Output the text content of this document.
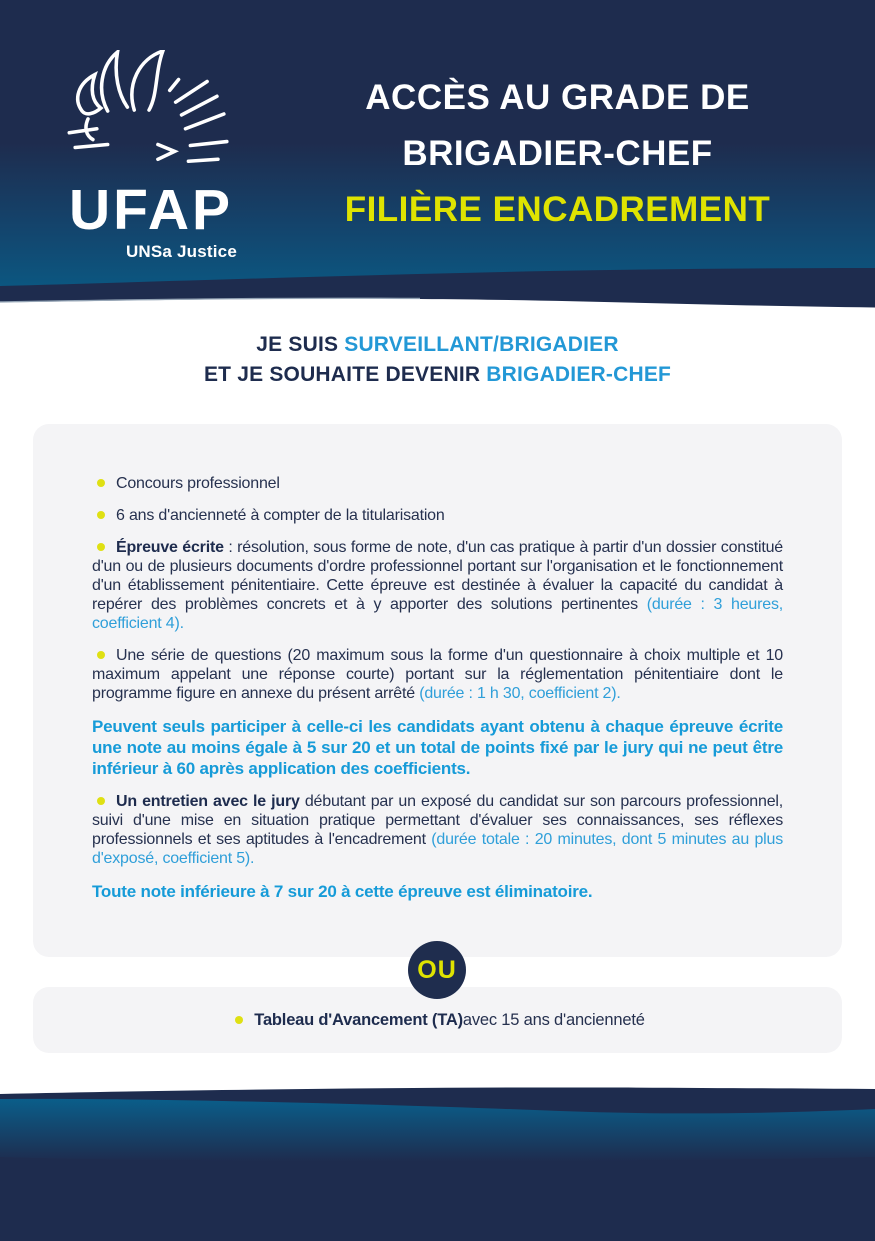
UFAP
UNSa Justice
ACCÈS AU GRADE DE
BRIGADIER-CHEF
FILIÈRE ENCADREMENT
JE SUIS SURVEILLANT/BRIGADIER
ET JE SOUHAITE DEVENIR BRIGADIER-CHEF
Concours professionnel
6 ans d'ancienneté à compter de la titularisation

Épreuve écrite : résolution, sous forme de note, d'un cas pratique à partir d'un dossier constitué d'un ou de plusieurs documents d'ordre professionnel portant sur l'organisation et le fonctionnement d'un établissement pénitentiaire. Cette épreuve est destinée à évaluer la capacité du candidat à repérer des problèmes concrets et à y apporter des solutions pertinentes (durée : 3 heures, coefficient 4).

Une série de questions (20 maximum sous la forme d'un questionnaire à choix multiple et 10 maximum appelant une réponse courte) portant sur la réglementation pénitentiaire dont le programme figure en annexe du présent arrêté (durée : 1 h 30, coefficient 2).

Peuvent seuls participer à celle-ci les candidats ayant obtenu à chaque épreuve écrite une note au moins égale à 5 sur 20 et un total de points fixé par le jury qui ne peut être inférieur à 60 après application des coefficients.

Un entretien avec le jury débutant par un exposé du candidat sur son parcours professionnel, suivi d'une mise en situation pratique permettant d'évaluer ses connaissances, ses réflexes professionnels et ses aptitudes à l'encadrement (durée totale : 20 minutes, dont 5 minutes au plus d'exposé, coefficient 5).

Toute note inférieure à 7 sur 20 à cette épreuve est éliminatoire.

OU
Tableau d'Avancement (TA) avec 15 ans d'ancienneté
